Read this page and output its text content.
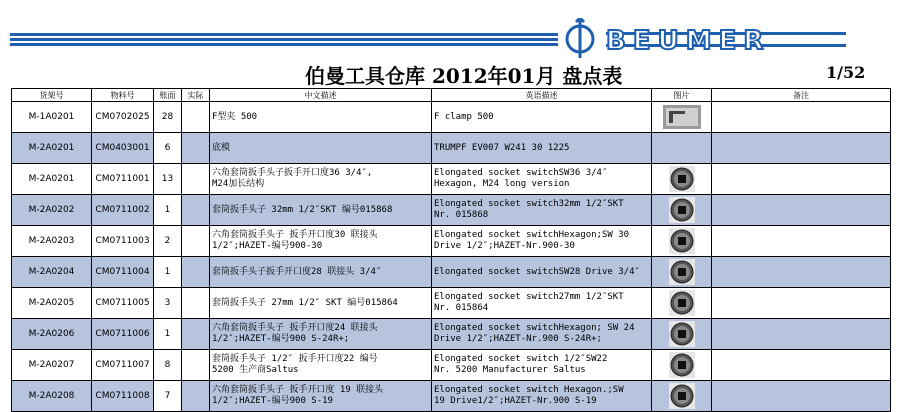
BEUMER
伯曼工具仓库 2012年01月 盘点表	1/52
货架号	物料号	账面	实际	中文描述	英语描述	图片	备注
M-1A0201	CM0702025	28		F型夹 500	F clamp 500	

M-2A0201	CM0403001	6		底模	TRUMPF EV007 W241 30 1225		
M-2A0201	CM0711001	13		六角套筒扳手头子扳手开口度36 3/4″,
M24加长结构	Elongated socket switchSW36 3/4″
Hexagon, M24 long version	

M-2A0202	CM0711002	1		套筒扳手头子 32mm 1/2″SKT 编号015868	Elongated socket switch32mm 1/2″SKT
Nr. 015868	

M-2A0203	CM0711003	2		六角套筒扳手头子 扳手开口度30 联接头
1/2″;HAZET-编号900-30	Elongated socket switchHexagon;SW 30
Drive 1/2″;HAZET-Nr.900-30	

M-2A0204	CM0711004	1		套筒扳手头子扳手开口度28 联接头 3/4″	Elongated socket switchSW28 Drive 3/4″	

M-2A0205	CM0711005	3		套筒扳手头子 27mm 1/2″ SKT 编号015864	Elongated socket switch27mm 1/2″SKT
Nr. 015864	

M-2A0206	CM0711006	1		六角套筒扳手头子 扳手开口度24 联接头
1/2″;HAZET-编号900 S-24R+;	Elongated socket switchHexagon; SW 24
Drive 1/2″;HAZET-Nr.900 S-24R+;	

M-2A0207	CM0711007	8		套筒扳手头子 1/2″ 扳手开口度22 编号
5200 生产商Saltus	Elongated socket switch 1/2″SW22
Nr. 5200 Manufacturer Saltus	

M-2A0208	CM0711008	7		六角套筒扳手头子 扳手开口度 19 联接头
1/2″;HAZET-编号900 S-19	Elongated socket switch Hexagon.;SW
19 Drive1/2″;HAZET-Nr.900 S-19	
